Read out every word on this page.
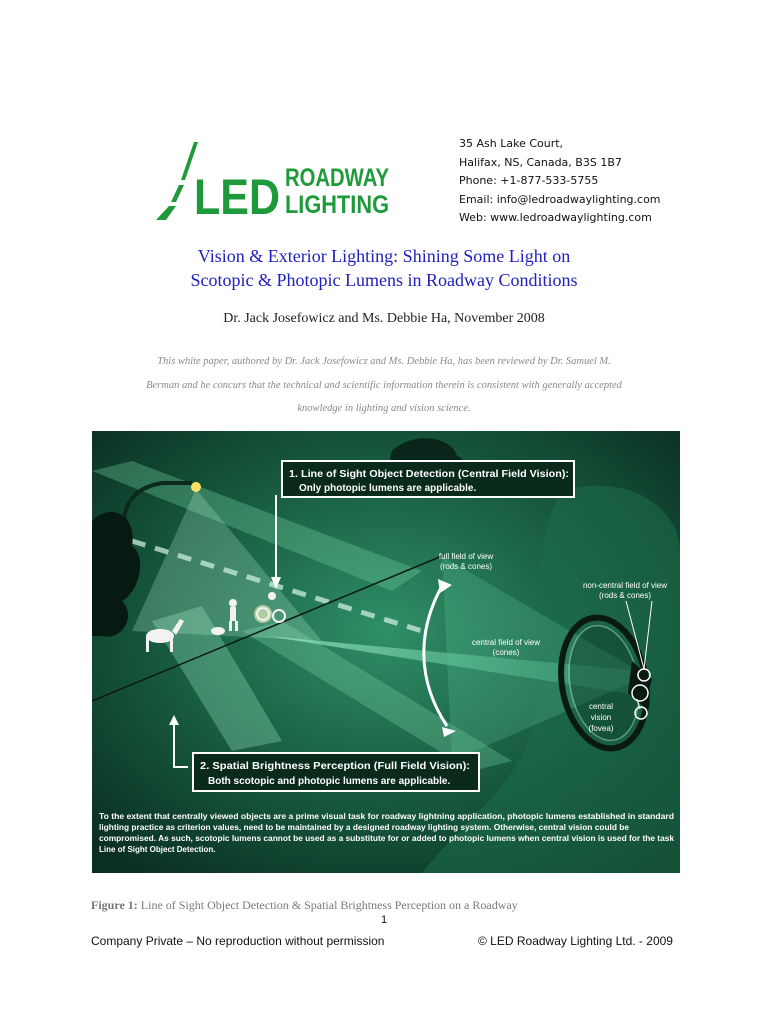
LED ROADWAY
LIGHTING
35 Ash Lake Court,
Halifax, NS, Canada, B3S 1B7
Phone: +1-877-533-5755
Email: info@ledroadwaylighting.com
Web: www.ledroadwaylighting.com
Vision & Exterior Lighting: Shining Some Light on
Scotopic & Photopic Lumens in Roadway Conditions
Dr. Jack Josefowicz and Ms. Debbie Ha, November 2008
This white paper, authored by Dr. Jack Josefowicz and Ms. Debbie Ha, has been reviewed by Dr. Samuel M.
Berman and he concurs that the technical and scientific information therein is consistent with generally accepted
knowledge in lighting and vision science.
1. Line of Sight Object Detection (Central Field Vision):
Only photopic lumens are applicable.
2. Spatial Brightness Perception (Full Field Vision):
Both scotopic and photopic lumens are applicable.
full field of view
(rods & cones)
non-central field of view
(rods & cones)
central field of view
(cones)
central
vision
(fovea)
To the extent that centrally viewed objects are a prime visual task for roadway lightning application, photopic lumens established in standard
lighting practice as criterion values, need to be maintained by a designed roadway lighting system. Otherwise, central vision could be
compromised. As such, scotopic lumens cannot be used as a substitute for or added to photopic lumens when central vision is used for the task
Line of Sight Object Detection.
Figure 1: Line of Sight Object Detection & Spatial Brightness Perception on a Roadway
1
Company Private – No reproduction without permission	© LED Roadway Lighting Ltd. - 2009
